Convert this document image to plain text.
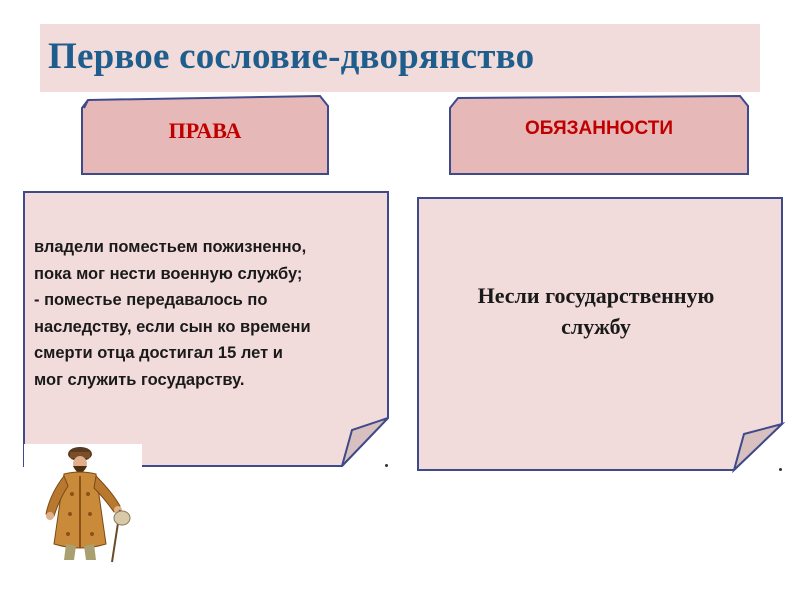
Первое сословие-дворянство
ПРАВА	ОБЯЗАННОСТИ
владели поместьем пожизненно,
пока мог нести военную службу;
- поместье передавалось по
наследству, если сын ко времени
смерти отца достигал 15 лет и
мог служить государству.
Несли государственную
службу
